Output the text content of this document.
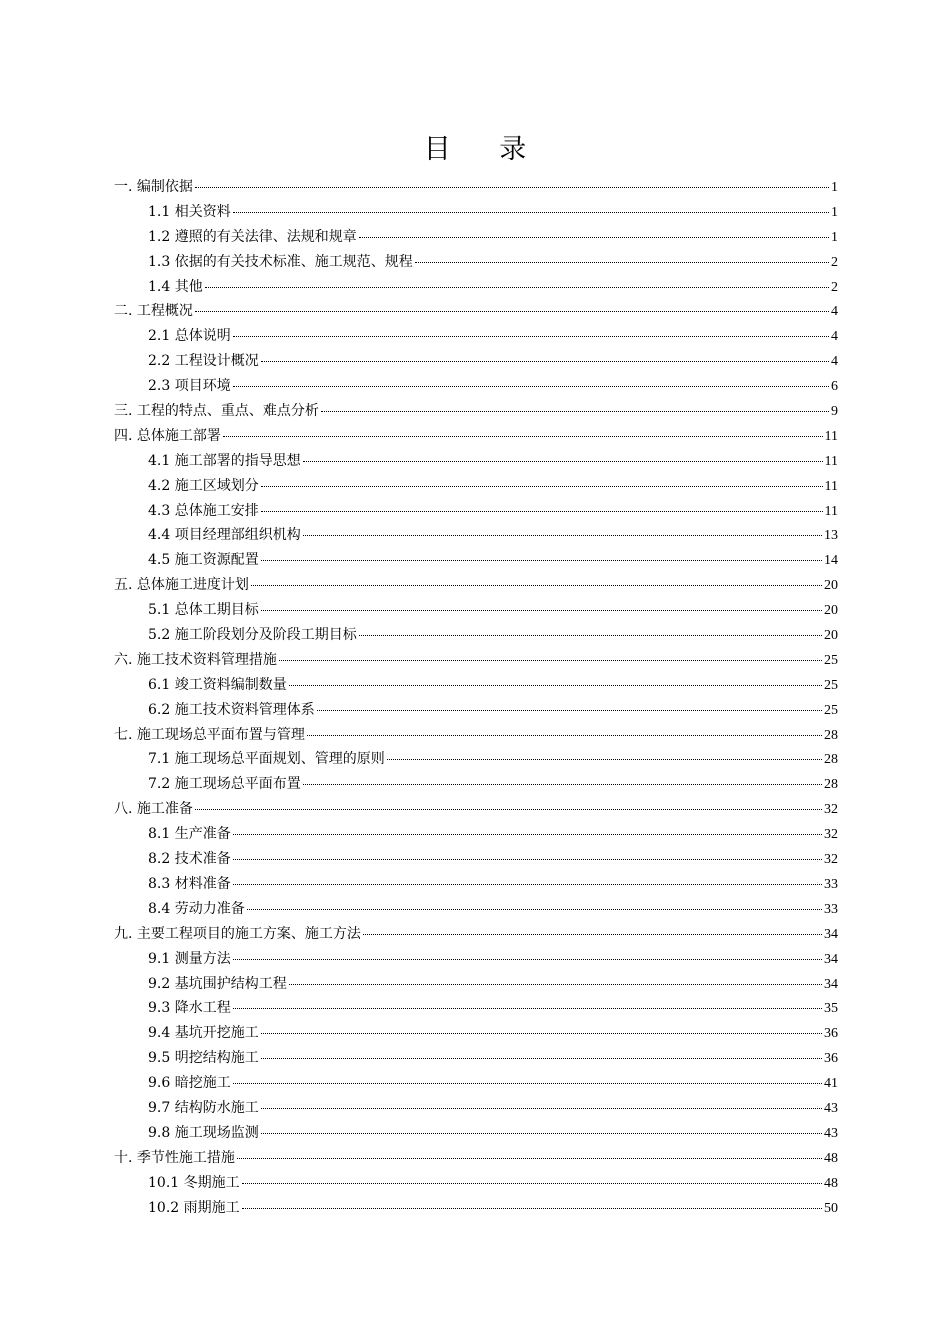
目 录
一. 编制依据	1
1.1 相关资料	1
1.2 遵照的有关法律、法规和规章	1
1.3 依据的有关技术标准、施工规范、规程	2
1.4 其他	2
二. 工程概况	4
2.1 总体说明	4
2.2 工程设计概况	4
2.3 项目环境	6
三. 工程的特点、重点、难点分析	9
四. 总体施工部署	11
4.1 施工部署的指导思想	11
4.2 施工区域划分	11
4.3 总体施工安排	11
4.4 项目经理部组织机构	13
4.5 施工资源配置	14
五. 总体施工进度计划	20
5.1 总体工期目标	20
5.2 施工阶段划分及阶段工期目标	20
六. 施工技术资料管理措施	25
6.1 竣工资料编制数量	25
6.2 施工技术资料管理体系	25
七. 施工现场总平面布置与管理	28
7.1 施工现场总平面规划、管理的原则	28
7.2 施工现场总平面布置	28
八. 施工准备	32
8.1 生产准备	32
8.2 技术准备	32
8.3 材料准备	33
8.4 劳动力准备	33
九. 主要工程项目的施工方案、施工方法	34
9.1 测量方法	34
9.2 基坑围护结构工程	34
9.3 降水工程	35
9.4 基坑开挖施工	36
9.5 明挖结构施工	36
9.6 暗挖施工	41
9.7 结构防水施工	43
9.8 施工现场监测	43
十. 季节性施工措施	48
10.1 冬期施工	48
10.2 雨期施工	50
